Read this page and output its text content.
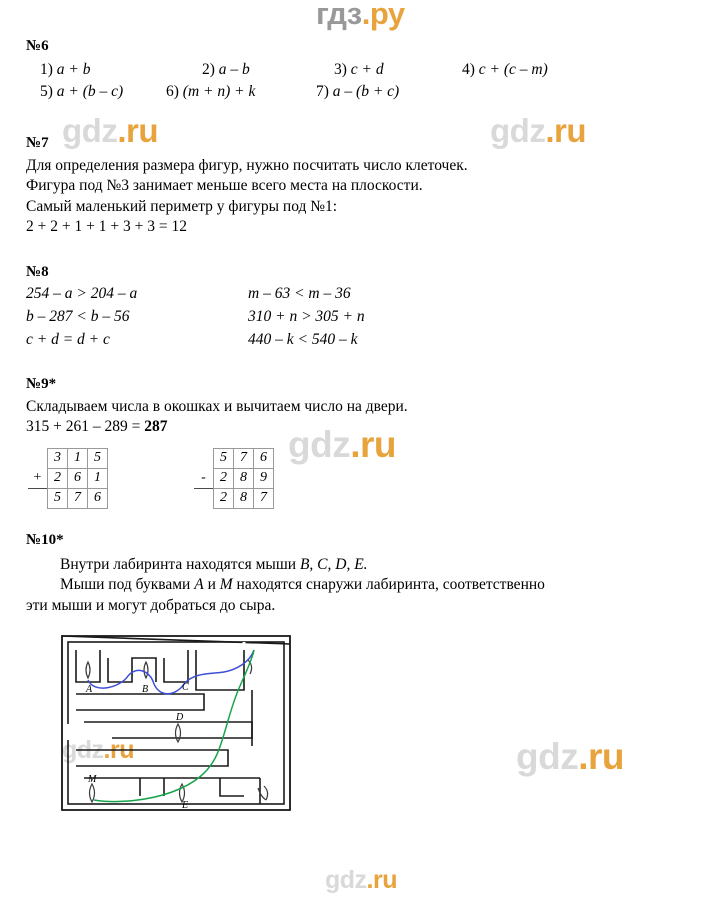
гдз.ру
gdz.ru	gdz.ru
gdz.ru
gdz.ru	gdz.ru
gdz.ru

№6

1) a + b	2) a – b	3) c + d	4) c + (c – m)
5) a + (b – c)	6) (m + n) + k	7) a – (b + c)

№7

Для определения размера фигур, нужно посчитать число клеточек.

Фигура под №3 занимает меньше всего места на плоскости.

Самый маленький периметр у фигуры под №1:

2 + 2 + 1 + 1 + 3 + 3 = 12

№8

254 – a > 204 – a	m – 63 < m – 36
b – 287 < b – 56	310 + n > 305 + n
c + d = d + c	440 – k < 540 – k

№9*

Складываем числа в окошках и вычитаем число на двери.

315 + 261 – 289 = 287

	3	1	5
+	2	6	1
	5	7	6
	5	7	6
-	2	8	9
	2	8	7

№10*

Внутри лабиринта находятся мыши B, C, D, E.

Мыши под буквами A и M находятся снаружи лабиринта, соответственно

эти мыши и могут добраться до сыра.

A	B	C
D
M
E
